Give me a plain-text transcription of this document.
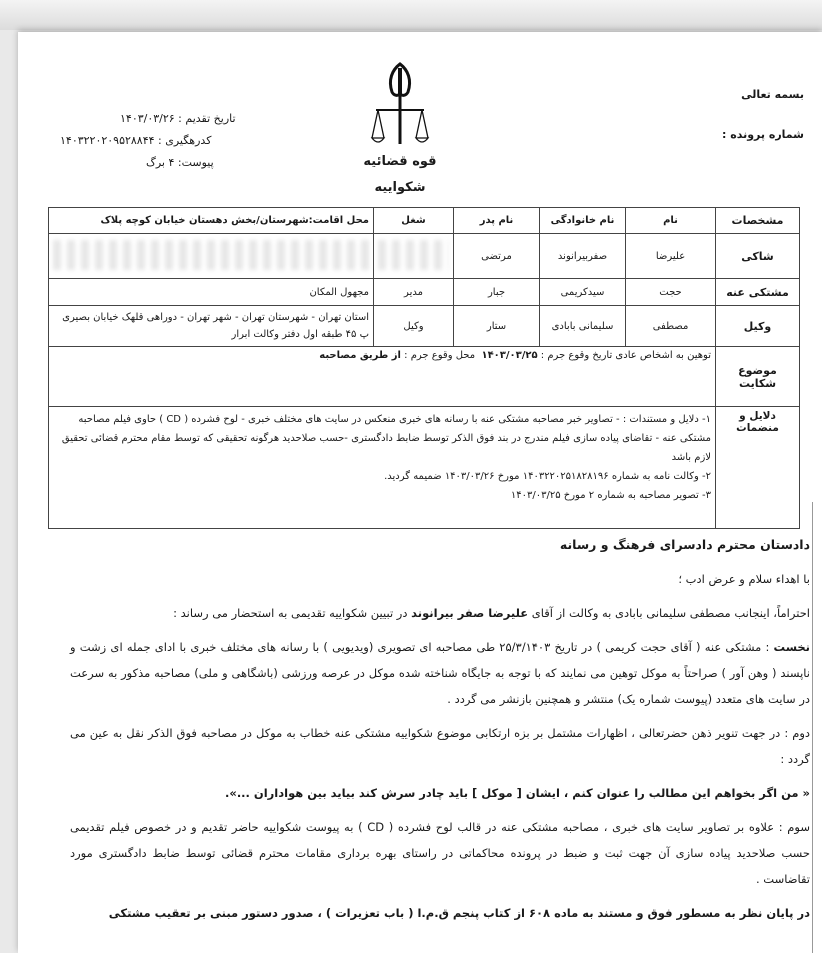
بسمه تعالی
شماره پرونده :
تاریخ تقدیم : ۱۴۰۳/۰۳/۲۶
کدرهگیری : ۱۴۰۳۲۲۰۲۰۹۵۲۸۸۴۴
پیوست: ۴ برگ	قوه قضائیه
شکواییه
مشخصات	نام	نام خانوادگی	نام پدر	شغل	محل اقامت:شهرستان/بخش دهستان خیابان کوچه پلاک
شاکی	علیرضا	صفربیرانوند	مرتضی		
مشتکی عنه	حجت	سیدکریمی	جبار	مدیر	مجهول المکان
وکیل	مصطفی	سلیمانی بابادی	ستار	وکیل	استان تهران - شهرستان تهران - شهر تهران - دوراهی قلهک خیابان بصیری پ ۴۵ طبقه اول دفتر وکالت ابرار
موضوع شکایت	توهین به اشخاص عادی تاریخ وقوع جرم : ۱۴۰۳/۰۳/۲۵  محل وقوع جرم : از طریق مصاحبه				
دلایل و منضمات	۱- دلایل و مستندات : - تصاویر خبر مصاحبه مشتکی عنه با رسانه های خبری منعکس در سایت های مختلف خبری - لوح فشرده ( CD ) حاوی فیلم مصاحبه مشتکی عنه - تقاضای پیاده سازی فیلم مندرج در بند فوق الذکر توسط ضابط دادگستری -حسب صلاحدید هرگونه تحقیقی که توسط مقام محترم قضائی تحقیق لازم باشد

۲- وکالت نامه به شماره ۱۴۰۳۲۲۰۲۵۱۸۲۸۱۹۶ مورخ ۱۴۰۳/۰۳/۲۶ ضمیمه گردید.

۳- تصویر مصاحبه به شماره ۲ مورخ ۱۴۰۳/۰۳/۲۵				

دادستان محترم دادسرای فرهنگ و رسانه

با اهداء سلام و عرض ادب ؛

احتراماً، اینجانب مصطفی سلیمانی بابادی به وکالت از آقای علیرضا صفر بیرانوند در تبیین شکواییه تقدیمی به استحضار می رساند :

نخست : مشتکی عنه ( آقای حجت کریمی ) در تاریخ ۲۵/۳/۱۴۰۳ طی مصاحبه ای تصویری (ویدیویی ) با رسانه های مختلف خبری با ادای جمله ای زشت و ناپسند ( وهن آور ) صراحتاً به موکل توهین می نمایند که با توجه به جایگاه شناخته شده موکل در عرصه ورزشی (باشگاهی و ملی) مصاحبه مذکور به سرعت در سایت های متعدد (پیوست شماره یک) منتشر و همچنین بازنشر می گردد .

دوم : در جهت تنویر ذهن حضرتعالی ، اظهارات مشتمل بر بزه ارتکابی موضوع شکواییه مشتکی عنه خطاب به موکل در مصاحبه فوق الذکر نقل به عین می گردد :

« من اگر بخواهم این مطالب را عنوان کنم ، ایشان [ موکل ] باید چادر سرش کند بیاید بین هواداران ...».

سوم : علاوه بر تصاویر سایت های خبری ، مصاحبه مشتکی عنه در قالب لوح فشرده ( CD ) به پیوست شکواییه حاضر تقدیم و در خصوص فیلم تقدیمی حسب صلاحدید پیاده سازی آن جهت ثبت و ضبط در پرونده محاکماتی در راستای بهره برداری مقامات محترم قضائی توسط ضابط دادگستری مورد تقاضاست .

در پایان نظر به مسطور فوق و مستند به ماده ۶۰۸ از کتاب پنجم ق.م.ا ( باب تعزیرات ) ، صدور دستور مبنی بر تعقیب مشتکی
